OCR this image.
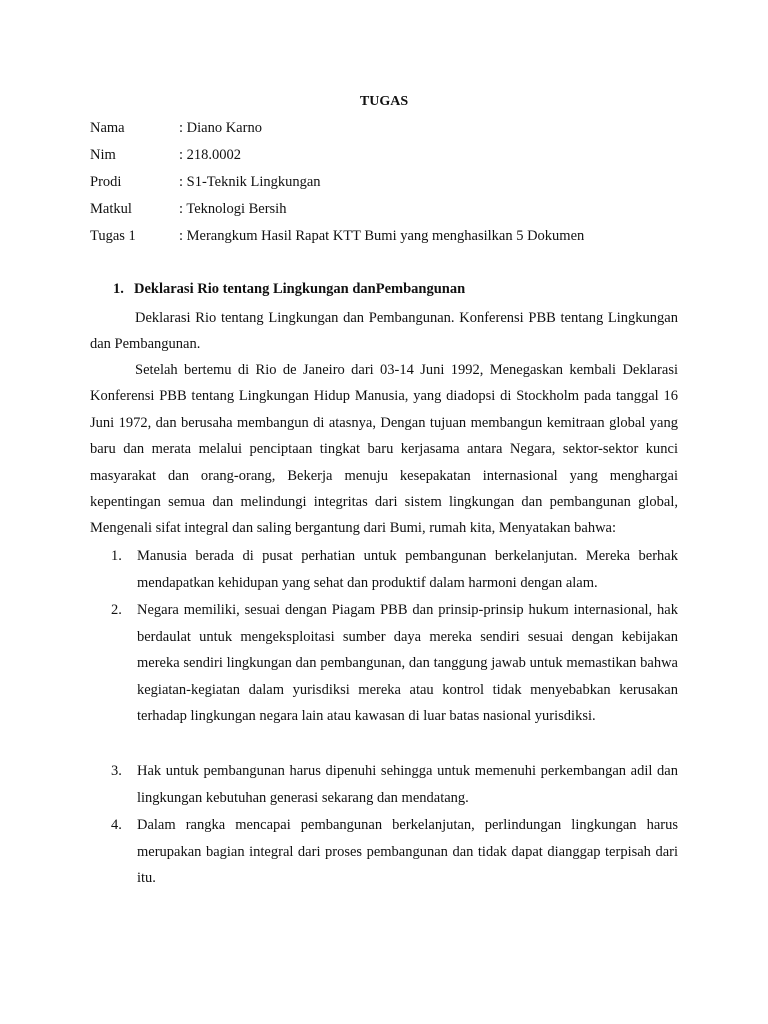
TUGAS
Nama	: Diano Karno
Nim	: 218.0002
Prodi	: S1-Teknik Lingkungan
Matkul	: Teknologi Bersih
Tugas 1	: Merangkum Hasil Rapat KTT Bumi yang menghasilkan 5 Dokumen
1. Deklarasi Rio tentang Lingkungan danPembangunan
Deklarasi Rio tentang Lingkungan dan Pembangunan. Konferensi PBB tentang Lingkungan dan Pembangunan.
Setelah bertemu di Rio de Janeiro dari 03-14 Juni 1992, Menegaskan kembali Deklarasi Konferensi PBB tentang Lingkungan Hidup Manusia, yang diadopsi di Stockholm pada tanggal 16 Juni 1972, dan berusaha membangun di atasnya, Dengan tujuan membangun kemitraan global yang baru dan merata melalui penciptaan tingkat baru kerjasama antara Negara, sektor-sektor kunci masyarakat dan orang-orang, Bekerja menuju kesepakatan internasional yang menghargai kepentingan semua dan melindungi integritas dari sistem lingkungan dan pembangunan global, Mengenali sifat integral dan saling bergantung dari Bumi, rumah kita, Menyatakan bahwa:
1.	Manusia berada di pusat perhatian untuk pembangunan berkelanjutan. Mereka berhak mendapatkan kehidupan yang sehat dan produktif dalam harmoni dengan alam.
2.	Negara memiliki, sesuai dengan Piagam PBB dan prinsip-prinsip hukum internasional, hak berdaulat untuk mengeksploitasi sumber daya mereka sendiri sesuai dengan kebijakan mereka sendiri lingkungan dan pembangunan, dan tanggung jawab untuk memastikan bahwa kegiatan-kegiatan dalam yurisdiksi mereka atau kontrol tidak menyebabkan kerusakan terhadap lingkungan negara lain atau kawasan di luar batas nasional yurisdiksi.
3.	Hak untuk pembangunan harus dipenuhi sehingga untuk memenuhi perkembangan adil dan lingkungan kebutuhan generasi sekarang dan mendatang.
4.	Dalam rangka mencapai pembangunan berkelanjutan, perlindungan lingkungan harus merupakan bagian integral dari proses pembangunan dan tidak dapat dianggap terpisah dari itu.
